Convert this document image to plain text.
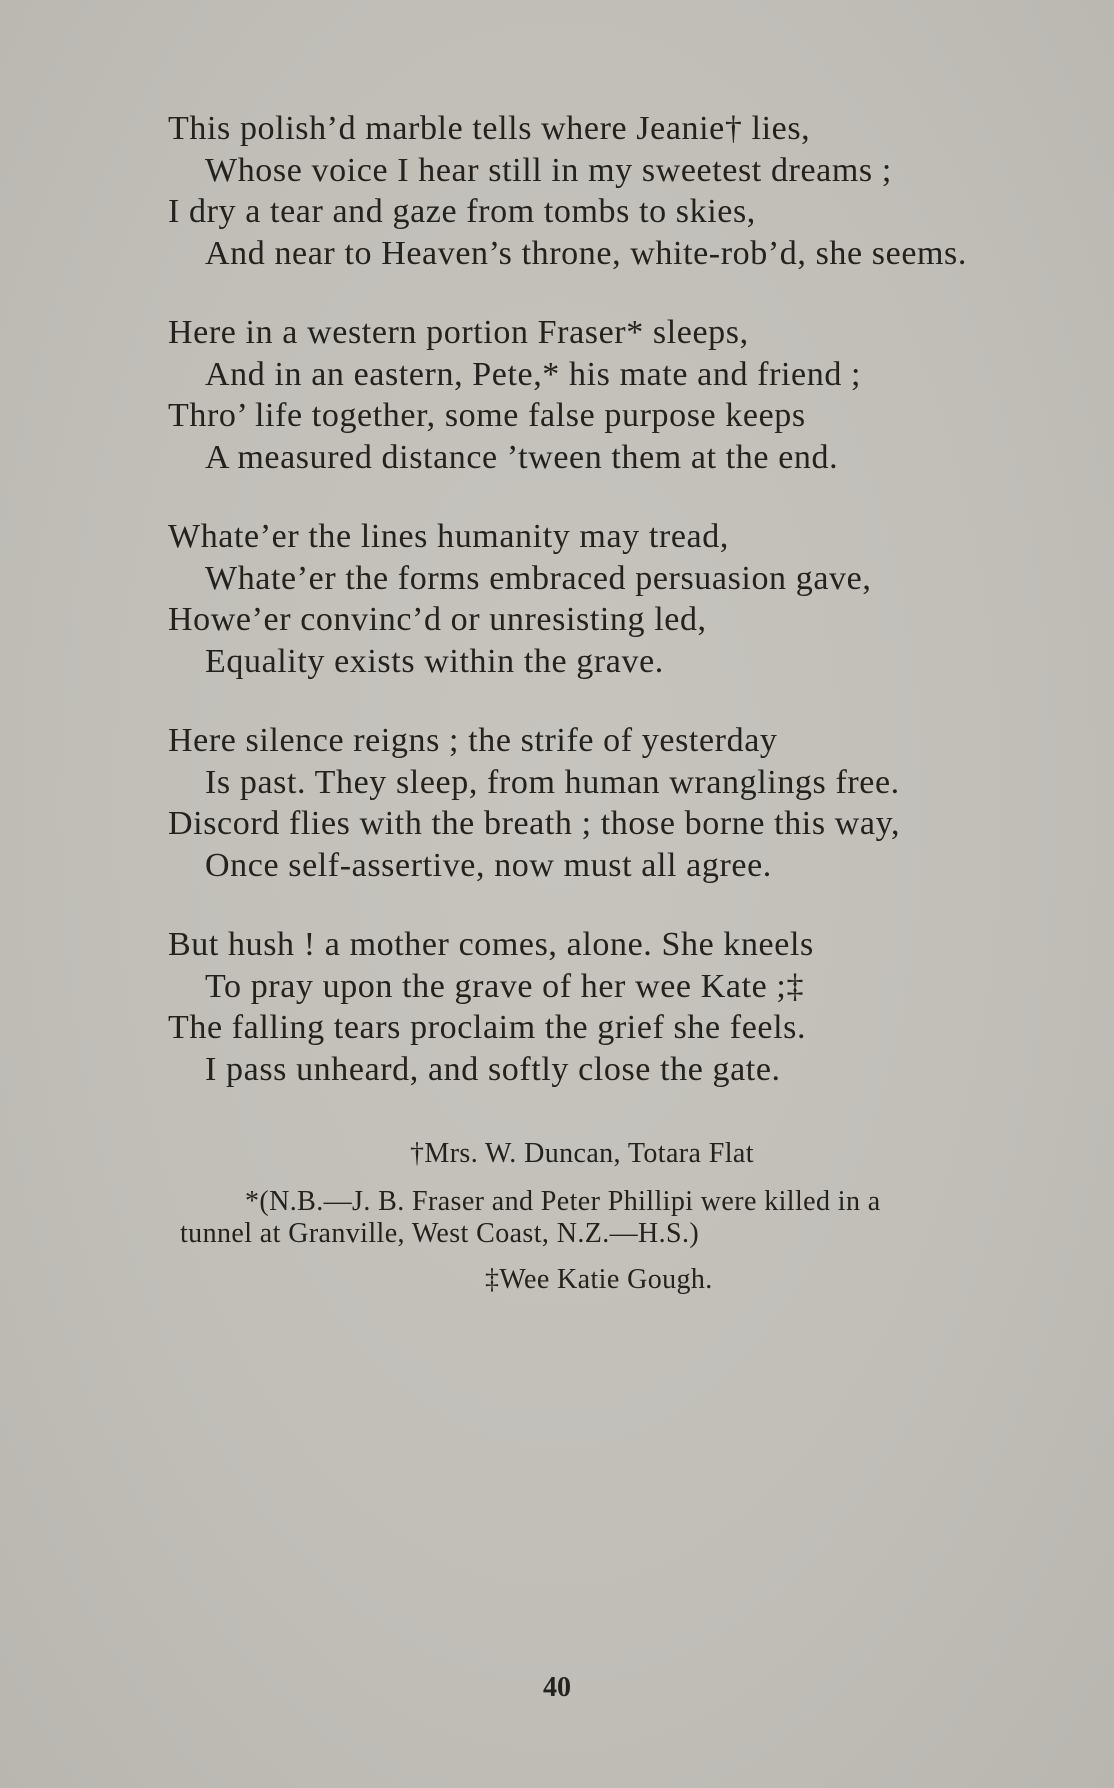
This polish’d marble tells where Jeanie† lies,
Whose voice I hear still in my sweetest dreams ;
I dry a tear and gaze from tombs to skies,
And near to Heaven’s throne, white-rob’d, she seems.
Here in a western portion Fraser* sleeps,
And in an eastern, Pete,* his mate and friend ;
Thro’ life together, some false purpose keeps
A measured distance ’tween them at the end.
Whate’er the lines humanity may tread,
Whate’er the forms embraced persuasion gave,
Howe’er convinc’d or unresisting led,
Equality exists within the grave.
Here silence reigns ; the strife of yesterday
Is past. They sleep, from human wranglings free.
Discord flies with the breath ; those borne this way,
Once self-assertive, now must all agree.
But hush ! a mother comes, alone. She kneels
To pray upon the grave of her wee Kate ;‡
The falling tears proclaim the grief she feels.
I pass unheard, and softly close the gate.
†Mrs. W. Duncan, Totara Flat
*(N.B.—J. B. Fraser and Peter Phillipi were killed in a
tunnel at Granville, West Coast, N.Z.—H.S.)
‡Wee Katie Gough.
40
